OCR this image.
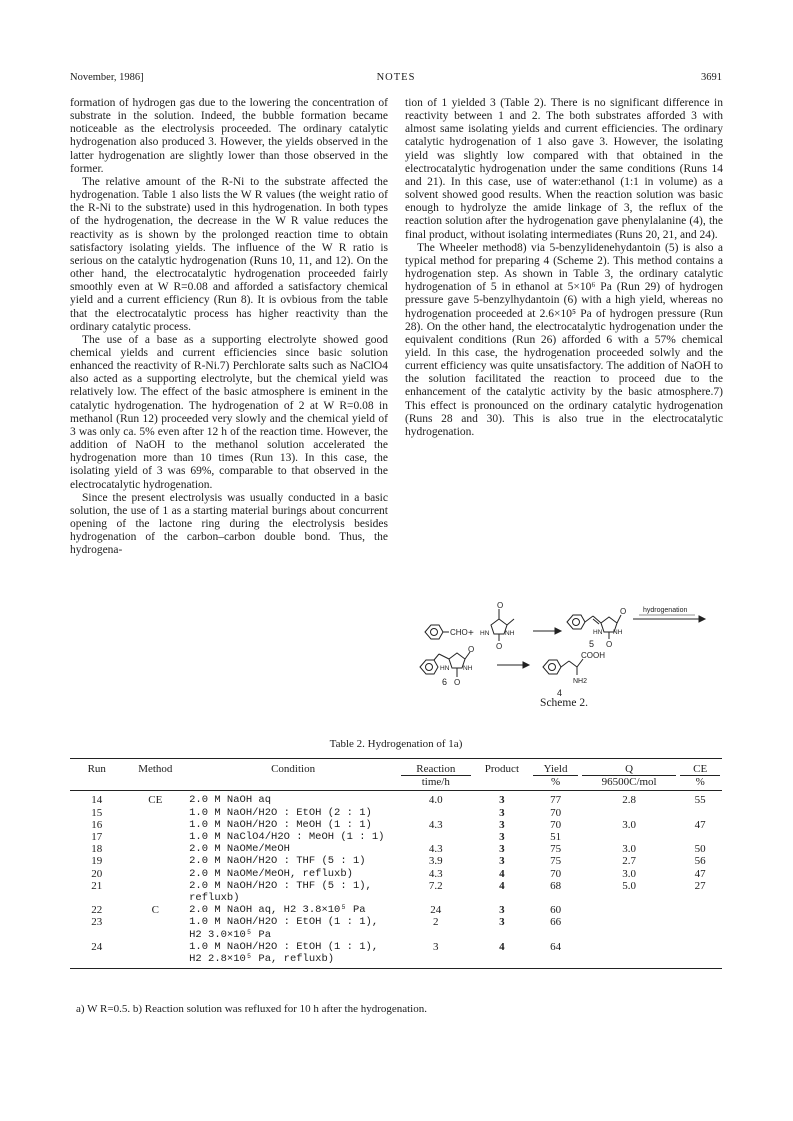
November, 1986]	NOTES	3691

formation of hydrogen gas due to the lowering the concentration of substrate in the solution. Indeed, the bubble formation became noticeable as the electrolysis proceeded. The ordinary catalytic hydrogenation also produced 3. However, the yields observed in the latter hydrogenation are slightly lower than those observed in the former.

The relative amount of the R-Ni to the substrate affected the hydrogenation. Table 1 also lists the W R values (the weight ratio of the R-Ni to the substrate) used in this hydrogenation. In both types of the hydrogenation, the decrease in the W R value reduces the reactivity as is shown by the prolonged reaction time to obtain satisfactory isolating yields. The influence of the W R ratio is serious on the catalytic hydrogenation (Runs 10, 11, and 12). On the other hand, the electrocatalytic hydrogenation proceeded fairly smoothly even at W R=0.08 and afforded a satisfactory chemical yield and a current efficiency (Run 8). It is ovbious from the table that the electrocatalytic process has higher reactivity than the ordinary catalytic process.

The use of a base as a supporting electrolyte showed good chemical yields and current efficiencies since basic solution enhanced the reactivity of R-Ni.7) Perchlorate salts such as NaClO4 also acted as a supporting electrolyte, but the chemical yield was relatively low. The effect of the basic atmosphere is eminent in the catalytic hydrogenation. The hydrogenation of 2 at W R=0.08 in methanol (Run 12) proceeded very slowly and the chemical yield of 3 was only ca. 5% even after 12 h of the reaction time. However, the addition of NaOH to the methanol solution accelerated the hydrogenation more than 10 times (Run 13). In this case, the isolating yield of 3 was 69%, comparable to that observed in the electrocatalytic hydrogenation.

Since the present electrolysis was usually conducted in a basic solution, the use of 1 as a starting material burings about concurrent opening of the lactone ring during the electrolysis besides hydrogenation of the carbon–carbon double bond. Thus, the hydrogena-

tion of 1 yielded 3 (Table 2). There is no significant difference in reactivity between 1 and 2. The both substrates afforded 3 with almost same isolating yields and current efficiencies. The ordinary catalytic hydrogenation of 1 also gave 3. However, the isolating yield was slightly low compared with that obtained in the electrocatalytic hydrogenation under the same conditions (Runs 14 and 21). In this case, use of water:ethanol (1:1 in volume) as a solvent showed good results. When the reaction solution was basic enough to hydrolyze the amide linkage of 3, the reflux of the reaction solution after the hydrogenation gave phenylalanine (4), the final product, without isolating intermediates (Runs 20, 21, and 24).

The Wheeler method8) via 5-benzylidenehydantoin (5) is also a typical method for preparing 4 (Scheme 2). This method contains a hydrogenation step. As shown in Table 3, the ordinary catalytic hydrogenation of 5 in ethanol at 5×10⁶ Pa (Run 29) of hydrogen pressure gave 5-benzylhydantoin (6) with a high yield, whereas no hydrogenation proceeded at 2.6×10⁵ Pa of hydrogen pressure (Run 28). On the other hand, the electrocatalytic hydrogenation under the equivalent conditions (Run 26) afforded 6 with a 57% chemical yield. In this case, the hydrogenation proceeded solwly and the current efficiency was quite unsatisfactory. The addition of NaOH to the solution facilitated the reaction to proceed due to the enhancement of the catalytic activity by the basic atmosphere.7) This effect is pronounced on the ordinary catalytic hydrogenation (Runs 28 and 30). This is also true in the electrocatalytic hydrogenation.

CHO +
O
HN NH
O
O
HN NH
O
5
hydrogenation
O
HN NH
O
6
COOH
NH2
4
Scheme 2.
Table 2. Hydrogenation of 1a)
Run	Method	Condition	Reaction	Product	Yield	Q	CE

			time/h		%	96500C/mol	%

14	CE	2.0 M NaOH aq	4.0	3	77	2.8	55
15		1.0 M NaOH/H2O : EtOH (2 : 1)		3	70		
16		1.0 M NaOH/H2O : MeOH (1 : 1)	4.3	3	70	3.0	47
17		1.0 M NaClO4/H2O : MeOH (1 : 1)		3	51		
18		2.0 M NaOMe/MeOH	4.3	3	75	3.0	50
19		2.0 M NaOH/H2O : THF (5 : 1)	3.9	3	75	2.7	56
20		2.0 M NaOMe/MeOH, refluxb)	4.3	4	70	3.0	47
21		2.0 M NaOH/H2O : THF (5 : 1), refluxb)	7.2	4	68	5.0	27
22	C	2.0 M NaOH aq, H2 3.8×10⁵ Pa	24	3	60		
23		1.0 M NaOH/H2O : EtOH (1 : 1),
H2 3.0×10⁵ Pa	2	3	66		
24		1.0 M NaOH/H2O : EtOH (1 : 1),
H2 2.8×10⁵ Pa, refluxb)	3	4	64		
a) W R=0.5. b) Reaction solution was refluxed for 10 h after the hydrogenation.
